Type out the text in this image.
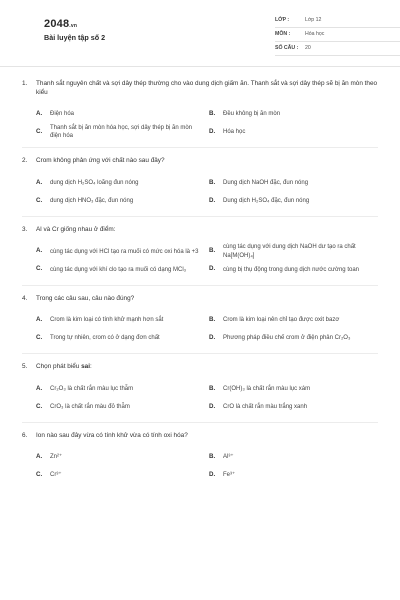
2048.vn
Bài luyện tập số 2
LỚP :	Lớp 12
MÔN :	Hóa học
SỐ CÂU :	20
1.	Thanh sắt nguyên chất và sợi dây thép thường cho vào dung dịch giấm ăn. Thanh sắt và sợi dây thép sẽ bị ăn mòn theo kiểu
A.	Điện hóa	B.	Đều không bị ăn mòn
C.	Thanh sắt bị ăn mòn hóa học, sợi dây thép bị ăn mòn điện hóa
D.	Hóa học
2.	Crom không phản ứng với chất nào sau đây?
A.	dung dịch H₂SO₄ loãng đun nóng	B.	Dung dịch NaOH đặc, đun nóng
C.	dung dịch HNO₃ đặc, đun nóng	D.	Dung dịch H₂SO₄ đặc, đun nóng
3.	Al và Cr giống nhau ở điểm:
A.	cùng tác dụng với HCl tạo ra muối có mức oxi hóa là +3	B.	cùng tác dụng với dung dịch NaOH dư tạo ra chất Na[M(OH)₄]
C.	cùng tác dụng với khí clo tạo ra muối có dạng MCl₃	D.	cùng bị thụ động trong dung dịch nước cường toan
4.	Trong các câu sau, câu nào đúng?
A.	Crom là kim loại có tính khử mạnh hơn sắt	B.	Crom là kim loại nên chỉ tạo được oxit bazơ
C.	Trong tự nhiên, crom có ở dạng đơn chất	D.	Phương pháp điều chế crom ở điện phân Cr₂O₃
5.	Chọn phát biểu sai:
A.	Cr₂O₃ là chất rắn màu lục thẫm	B.	Cr(OH)₃ là chất rắn màu lục xám
C.	CrO₃ là chất rắn màu đỏ thẫm	D.	CrO là chất rắn màu trắng xanh
6.	Ion nào sau đây vừa có tính khử vừa có tính oxi hóa?
A.	Zn²⁺	B.	Al³⁺
C.	Cr³⁺	D.	Fe³⁺
